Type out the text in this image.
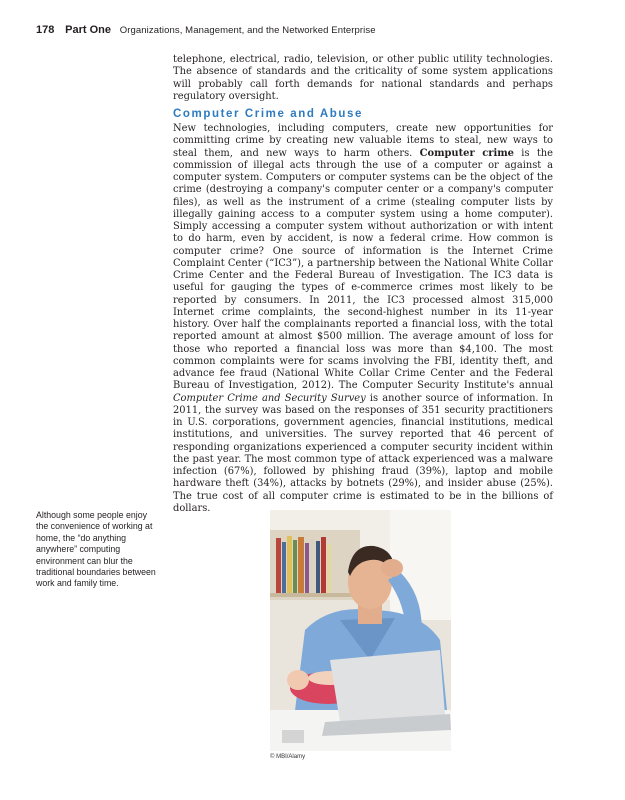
178 Part One Organizations, Management, and the Networked Enterprise

telephone, electrical, radio, television, or other public utility technologies. The absence of standards and the criticality of some system applications will probably call forth demands for national standards and perhaps regulatory oversight.

Computer Crime and Abuse

New technologies, including computers, create new opportunities for committing crime by creating new valuable items to steal, new ways to steal them, and new ways to harm others. Computer crime is the commission of illegal acts through the use of a computer or against a computer system. Computers or computer systems can be the object of the crime (destroying a company's computer center or a company's computer files), as well as the instrument of a crime (stealing computer lists by illegally gaining access to a computer system using a home computer). Simply accessing a computer system without authorization or with intent to do harm, even by accident, is now a federal crime. How common is computer crime? One source of information is the Internet Crime Complaint Center (“IC3”), a partnership between the National White Collar Crime Center and the Federal Bureau of Investigation. The IC3 data is useful for gauging the types of e-commerce crimes most likely to be reported by consumers. In 2011, the IC3 processed almost 315,000 Internet crime complaints, the second-highest number in its 11-year history. Over half the complainants reported a financial loss, with the total reported amount at almost $500 million. The average amount of loss for those who reported a financial loss was more than $4,100. The most common complaints were for scams involving the FBI, identity theft, and advance fee fraud (National White Collar Crime Center and the Federal Bureau of Investigation, 2012). The Computer Security Institute's annual Computer Crime and Security Survey is another source of information. In 2011, the survey was based on the responses of 351 security practitioners in U.S. corporations, government agencies, financial institutions, medical institutions, and universities. The survey reported that 46 percent of responding organizations experienced a computer security incident within the past year. The most common type of attack experienced was a malware infection (67%), followed by phishing fraud (39%), laptop and mobile hardware theft (34%), attacks by botnets (29%), and insider abuse (25%). The true cost of all computer crime is estimated to be in the billions of dollars.

Although some people enjoy the convenience of working at home, the “do anything anywhere” computing environment can blur the traditional boundaries between work and family time.
© MBI/Alamy
